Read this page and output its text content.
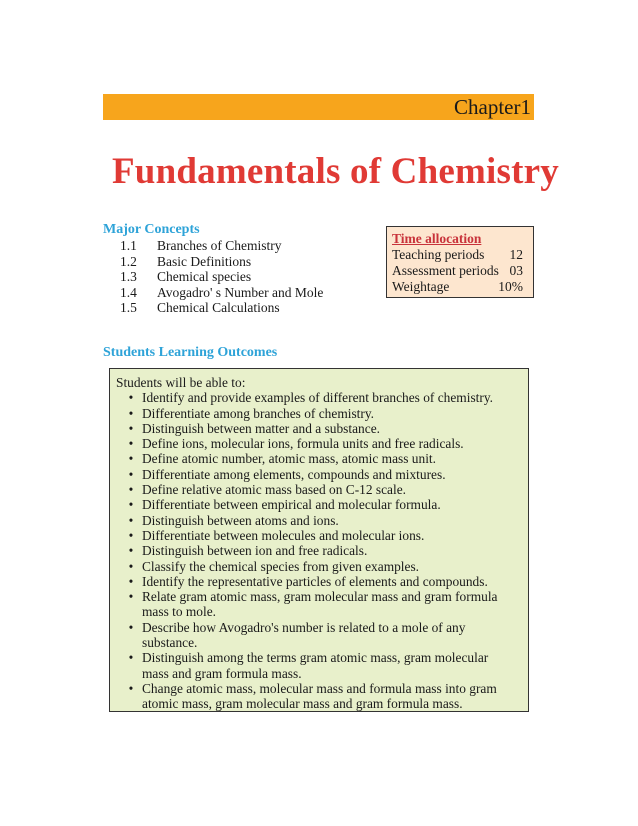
Chapter1
Fundamentals of Chemistry
Major Concepts
1.1	Branches of Chemistry
1.2	Basic Definitions
1.3	Chemical species
1.4	Avogadro' s Number and Mole
1.5	Chemical Calculations
Time allocation
Teaching periods 12
Assessment periods 03
Weightage	10%
Students Learning Outcomes

Students will be able to:

• Identify and provide examples of different branches of chemistry.
• Differentiate among branches of chemistry.
• Distinguish between matter and a substance.
• Define ions, molecular ions, formula units and free radicals.
• Define atomic number, atomic mass, atomic mass unit.
• Differentiate among elements, compounds and mixtures.
• Define relative atomic mass based on C-12 scale.
• Differentiate between empirical and molecular formula.
• Distinguish between atoms and ions.
• Differentiate between molecules and molecular ions.
• Distinguish between ion and free radicals.
• Classify the chemical species from given examples.
• Identify the representative particles of elements and compounds.
• Relate gram atomic mass, gram molecular mass and gram formula mass to mole.
• Describe how Avogadro's number is related to a mole of any substance.
• Distinguish among the terms gram atomic mass, gram molecular mass and gram formula mass.
• Change atomic mass, molecular mass and formula mass into gram atomic mass, gram molecular mass and gram formula mass.
